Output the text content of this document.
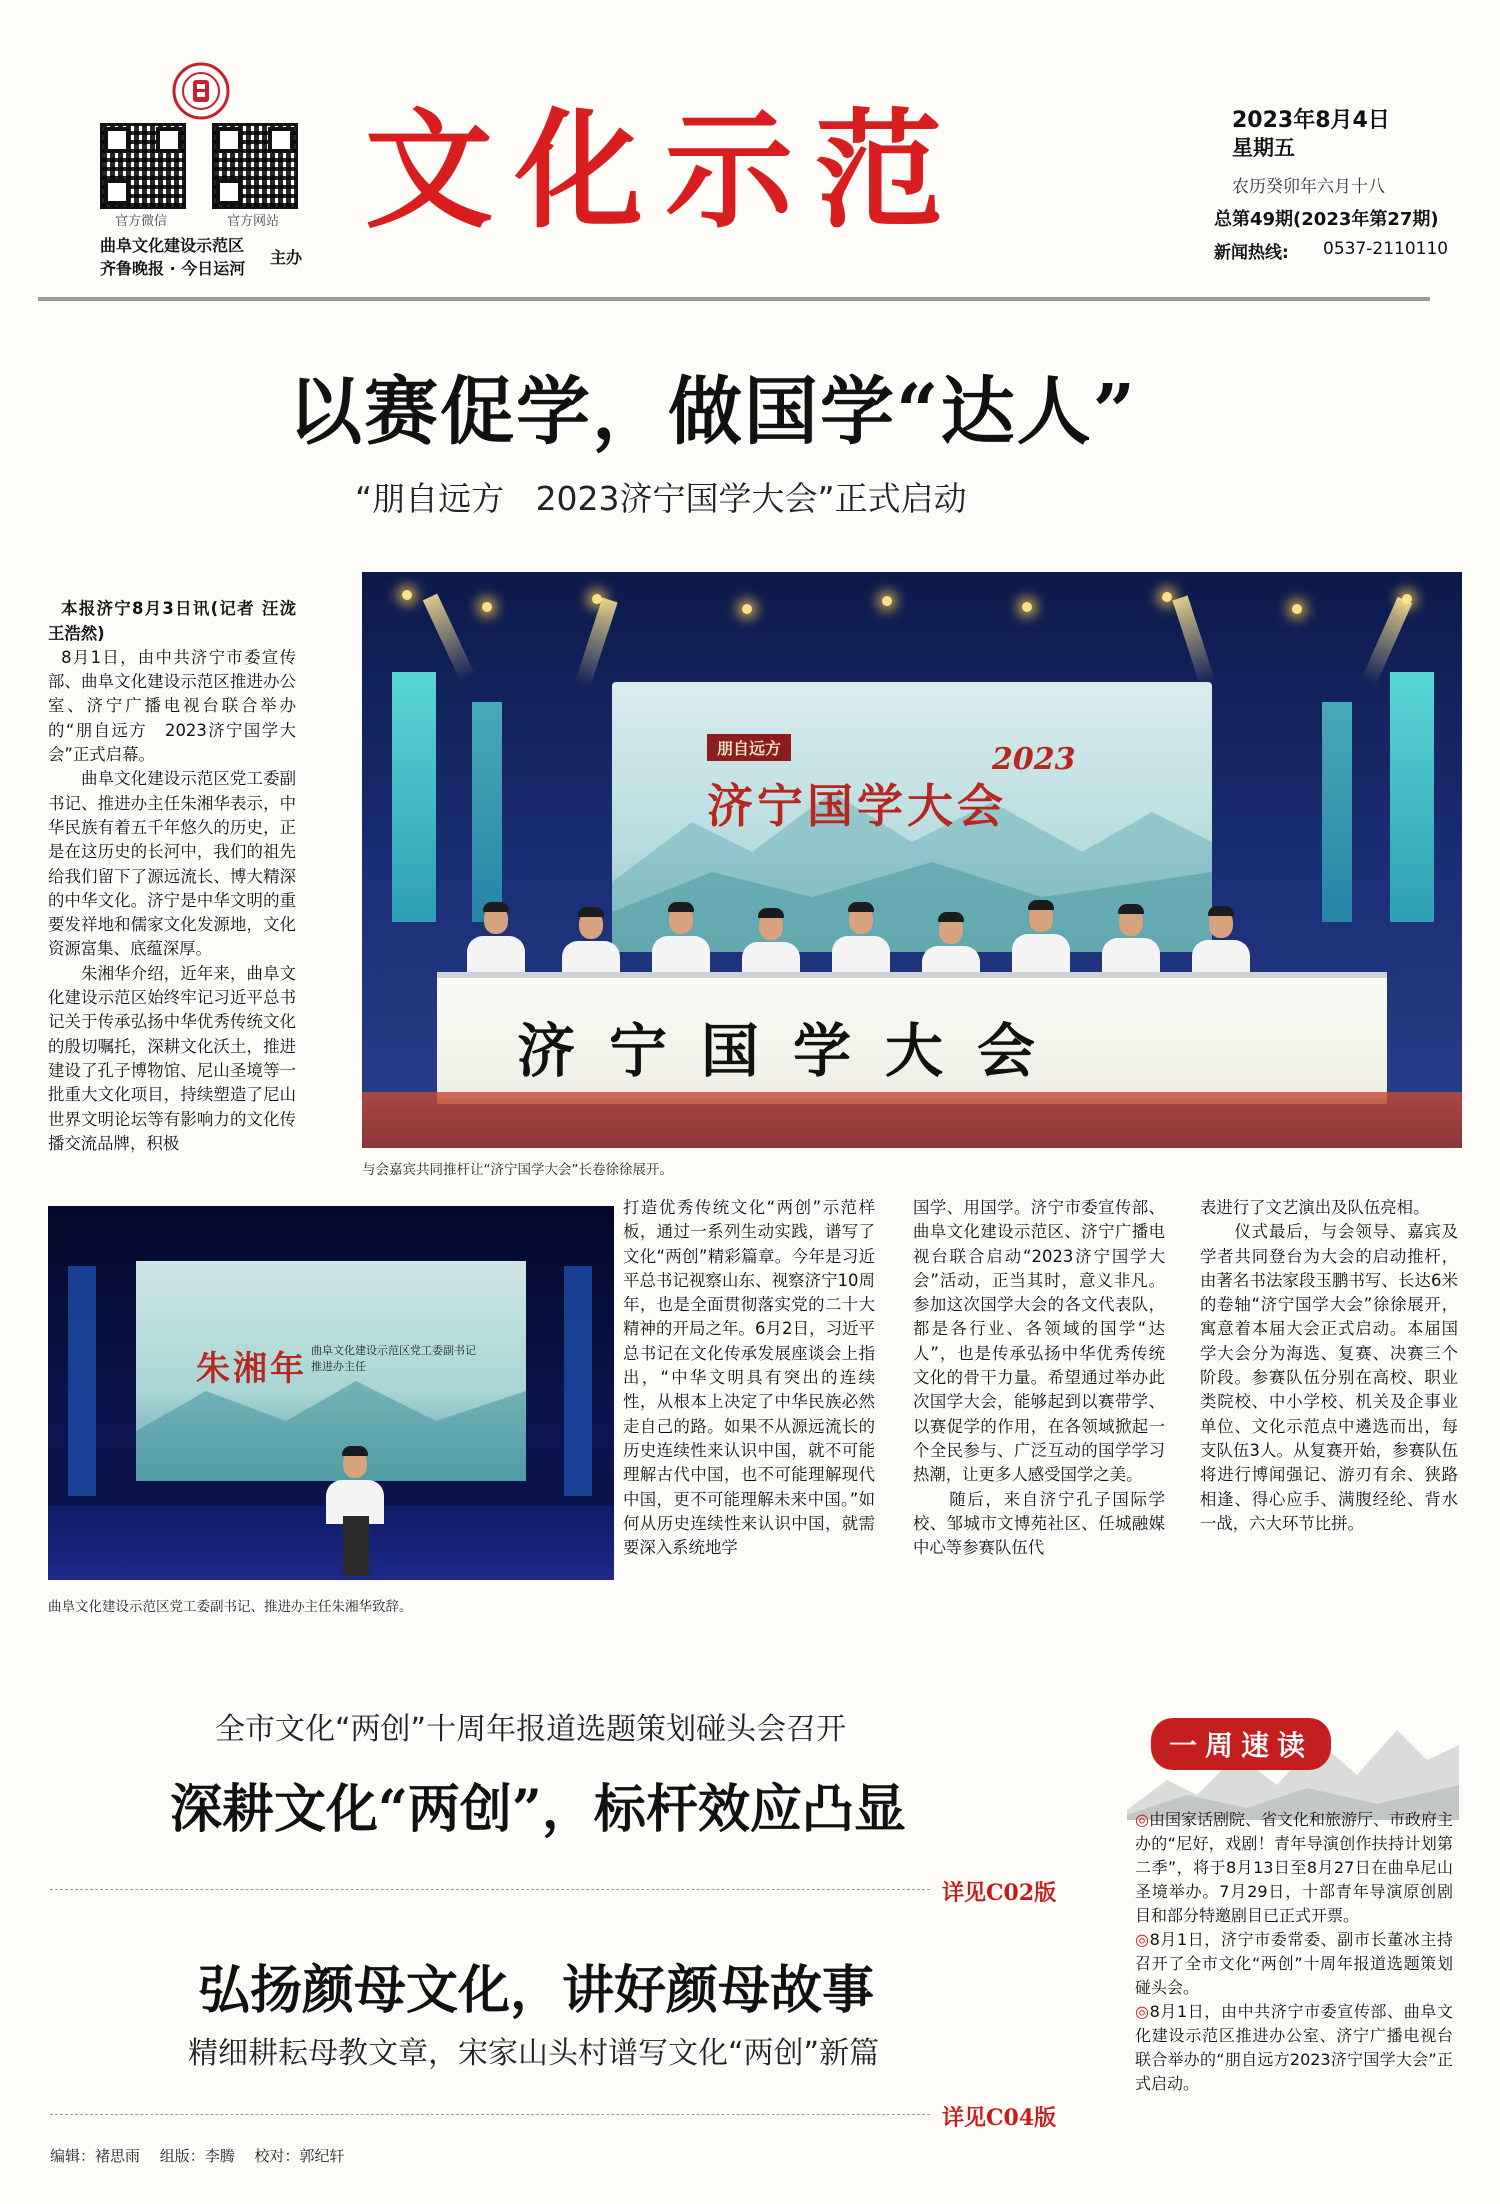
官方微信	官方网站
曲阜文化建设示范区
齐鲁晚报 · 今日运河
主办
文化示范	2023年8月4日
星期五
农历癸卯年六月十八
总第49期(2023年第27期)
新闻热线: 0537-2110110
以赛促学，做国学“达人”
“朋自远方   2023济宁国学大会”正式启动
朋自远方
济宁国学大会
2023
济宁国学大会
与会嘉宾共同推杆让“济宁国学大会”长卷徐徐展开。

本报济宁8月3日讯(记者 汪泷　王浩然)
8月1日，由中共济宁市委宣传部、曲阜文化建设示范区推进办公室、济宁广播电视台联合举办的“朋自远方　2023济宁国学大会”正式启幕。
　　曲阜文化建设示范区党工委副书记、推进办主任朱湘华表示，中华民族有着五千年悠久的历史，正是在这历史的长河中，我们的祖先给我们留下了源远流长、博大精深的中华文化。济宁是中华文明的重要发祥地和儒家文化发源地，文化资源富集、底蕴深厚。
　　朱湘华介绍，近年来，曲阜文化建设示范区始终牢记习近平总书记关于传承弘扬中华优秀传统文化的殷切嘱托，深耕文化沃土，推进建设了孔子博物馆、尼山圣境等一批重大文化项目，持续塑造了尼山世界文明论坛等有影响力的文化传播交流品牌，积极

朱湘年 曲阜文化建设示范区党工委副书记
推进办主任
曲阜文化建设示范区党工委副书记、推进办主任朱湘华致辞。
打造优秀传统文化“两创”示范样板，通过一系列生动实践，谱写了文化“两创”精彩篇章。今年是习近平总书记视察山东、视察济宁10周年，也是全面贯彻落实党的二十大精神的开局之年。6月2日，习近平总书记在文化传承发展座谈会上指出，“中华文明具有突出的连续性，从根本上决定了中华民族必然走自己的路。如果不从源远流长的历史连续性来认识中国，就不可能理解古代中国，也不可能理解现代中国，更不可能理解未来中国。”如何从历史连续性来认识中国，就需要深入系统地学
国学、用国学。济宁市委宣传部、曲阜文化建设示范区、济宁广播电视台联合启动“2023济宁国学大会”活动，正当其时，意义非凡。参加这次国学大会的各文代表队，都是各行业、各领域的国学“达人”，也是传承弘扬中华优秀传统文化的骨干力量。希望通过举办此次国学大会，能够起到以赛带学、以赛促学的作用，在各领域掀起一个全民参与、广泛互动的国学学习热潮，让更多人感受国学之美。
　　随后，来自济宁孔子国际学校、邹城市文博苑社区、任城融媒中心等参赛队伍代
表进行了文艺演出及队伍亮相。
　　仪式最后，与会领导、嘉宾及学者共同登台为大会的启动推杆，由著名书法家段玉鹏书写、长达6米的卷轴“济宁国学大会”徐徐展开，寓意着本届大会正式启动。本届国学大会分为海选、复赛、决赛三个阶段。参赛队伍分别在高校、职业类院校、中小学校、机关及企事业单位、文化示范点中遴选而出，每支队伍3人。从复赛开始，参赛队伍将进行博闻强记、游刃有余、狭路相逢、得心应手、满腹经纶、背水一战，六大环节比拼。
全市文化“两创”十周年报道选题策划碰头会召开
深耕文化“两创”，标杆效应凸显
详见C02版
弘扬颜母文化，讲好颜母故事
精细耕耘母教文章，宋家山头村谱写文化“两创”新篇
详见C04版
一周速读
◎由国家话剧院、省文化和旅游厅、市政府主办的“尼好，戏剧！青年导演创作扶持计划第二季”，将于8月13日至8月27日在曲阜尼山圣境举办。7月29日，十部青年导演原创剧目和部分特邀剧目已正式开票。
◎8月1日，济宁市委常委、副市长董冰主持召开了全市文化“两创”十周年报道选题策划碰头会。
◎8月1日，由中共济宁市委宣传部、曲阜文化建设示范区推进办公室、济宁广播电视台联合举办的“朋自远方2023济宁国学大会”正式启动。
编辑：褚思雨　 组版：李腾　 校对：郭纪轩
